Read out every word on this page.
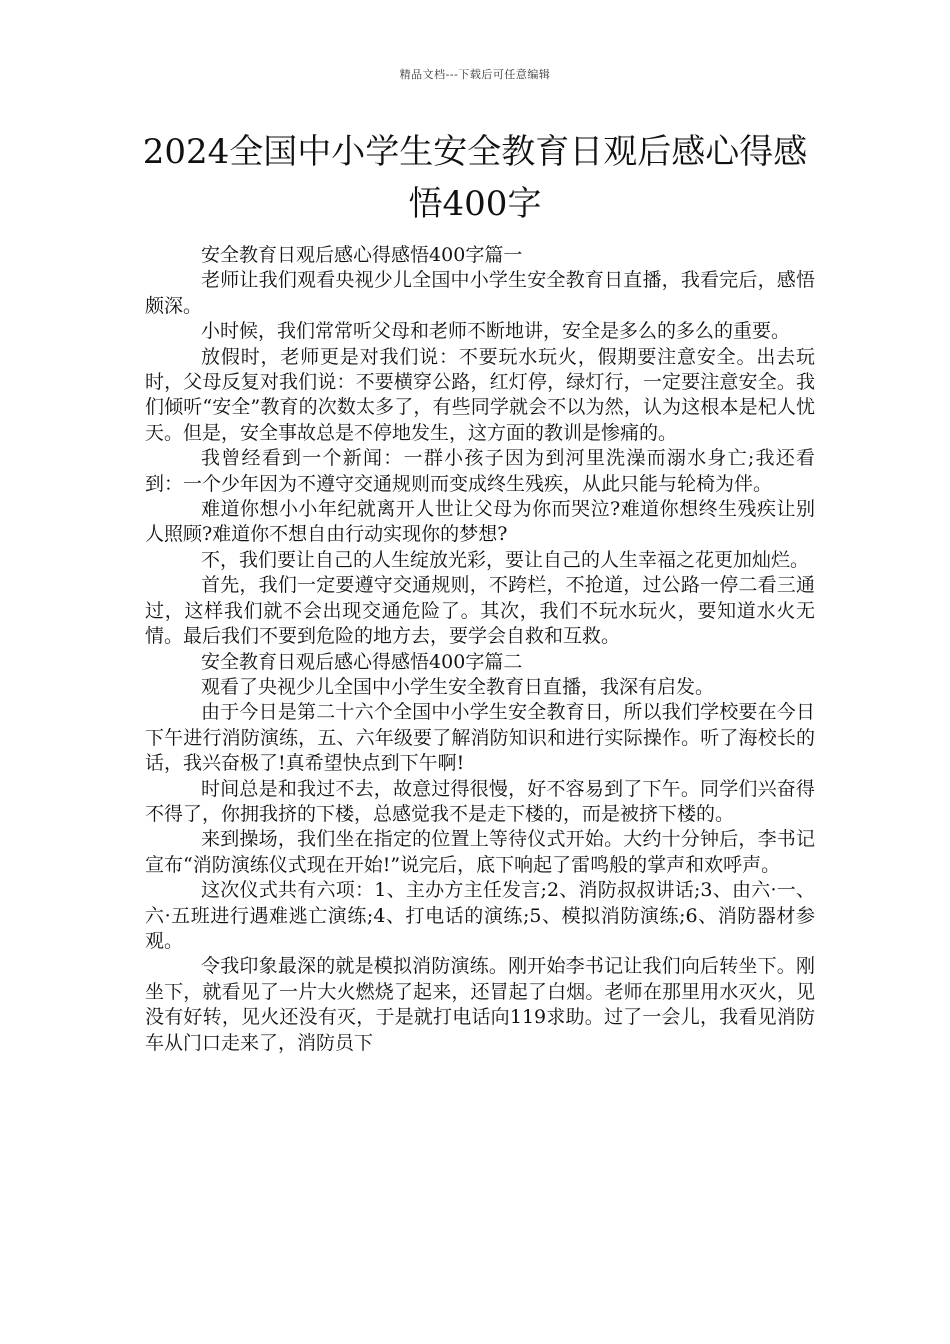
精品文档---下载后可任意编辑
2024全国中小学生安全教育日观后感心得感悟400字

安全教育日观后感心得感悟400字篇一

老师让我们观看央视少儿全国中小学生安全教育日直播，我看完后，感悟颇深。

小时候，我们常常听父母和老师不断地讲，安全是多么的多么的重要。

放假时，老师更是对我们说：不要玩水玩火，假期要注意安全。出去玩时，父母反复对我们说：不要横穿公路，红灯停，绿灯行，一定要注意安全。我们倾听“安全”教育的次数太多了，有些同学就会不以为然，认为这根本是杞人忧天。但是，安全事故总是不停地发生，这方面的教训是惨痛的。

我曾经看到一个新闻：一群小孩子因为到河里洗澡而溺水身亡;我还看到：一个少年因为不遵守交通规则而变成终生残疾，从此只能与轮椅为伴。

难道你想小小年纪就离开人世让父母为你而哭泣?难道你想终生残疾让别人照顾?难道你不想自由行动实现你的梦想?

不，我们要让自己的人生绽放光彩，要让自己的人生幸福之花更加灿烂。

首先，我们一定要遵守交通规则，不跨栏，不抢道，过公路一停二看三通过，这样我们就不会出现交通危险了。其次，我们不玩水玩火，要知道水火无情。最后我们不要到危险的地方去，要学会自救和互救。

安全教育日观后感心得感悟400字篇二

观看了央视少儿全国中小学生安全教育日直播，我深有启发。

由于今日是第二十六个全国中小学生安全教育日，所以我们学校要在今日下午进行消防演练，五、六年级要了解消防知识和进行实际操作。听了海校长的话，我兴奋极了!真希望快点到下午啊!

时间总是和我过不去，故意过得很慢，好不容易到了下午。同学们兴奋得不得了，你拥我挤的下楼，总感觉我不是走下楼的，而是被挤下楼的。

来到操场，我们坐在指定的位置上等待仪式开始。大约十分钟后，李书记宣布“消防演练仪式现在开始!”说完后，底下响起了雷鸣般的掌声和欢呼声。

这次仪式共有六项：1、主办方主任发言;2、消防叔叔讲话;3、由六·一、六·五班进行遇难逃亡演练;4、打电话的演练;5、模拟消防演练;6、消防器材参观。

令我印象最深的就是模拟消防演练。刚开始李书记让我们向后转坐下。刚坐下，就看见了一片大火燃烧了起来，还冒起了白烟。老师在那里用水灭火，见没有好转，见火还没有灭，于是就打电话向119求助。过了一会儿，我看见消防车从门口走来了，消防员下
